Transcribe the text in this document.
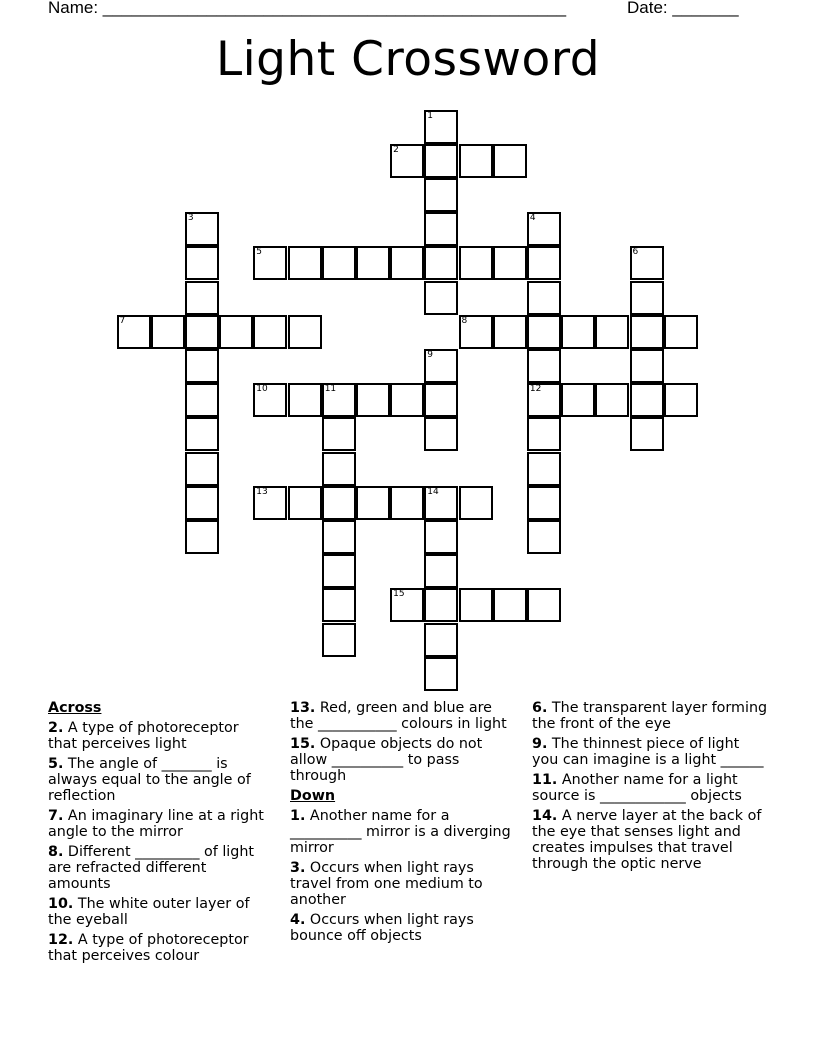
Name: _________________________________________________	Date: _______
Light Crossword
1
2
3	4
12
5	6
7	8
9
10	11
13	14
15
Across
2. A type of photoreceptor that perceives light
5. The angle of _______ is always equal to the angle of reflection
7. An imaginary line at a right angle to the mirror
8. Different _________ of light are refracted different amounts
10. The white outer layer of the eyeball
12. A type of photoreceptor that perceives colour
13. Red, green and blue are the ___________ colours in light
15. Opaque objects do not allow __________ to pass through
Down
1. Another name for a __________ mirror is a diverging mirror
3. Occurs when light rays travel from one medium to another
4. Occurs when light rays bounce off objects
6. The transparent layer forming the front of the eye
9. The thinnest piece of light you can imagine is a light ______
11. Another name for a light source is ____________ objects
14. A nerve layer at the back of the eye that senses light and creates impulses that travel through the optic nerve
